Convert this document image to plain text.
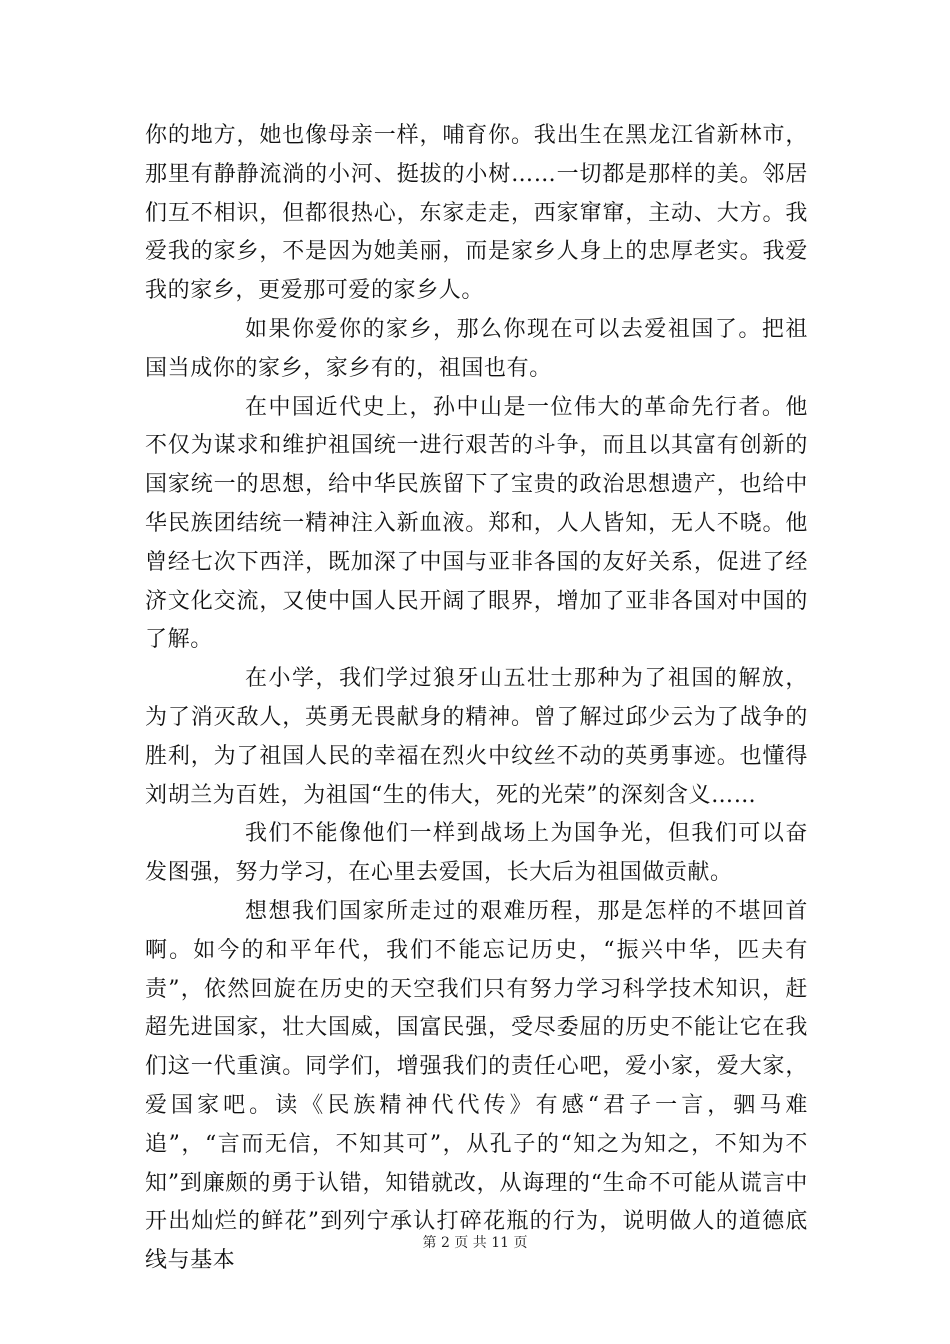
你的地方，她也像母亲一样，哺育你。我出生在黑龙江省新林市，那里有静静流淌的小河、挺拔的小树……一切都是那样的美。邻居们互不相识，但都很热心，东家走走，西家窜窜，主动、大方。我爱我的家乡，不是因为她美丽，而是家乡人身上的忠厚老实。我爱我的家乡，更爱那可爱的家乡人。

如果你爱你的家乡，那么你现在可以去爱祖国了。把祖国当成你的家乡，家乡有的，祖国也有。

在中国近代史上，孙中山是一位伟大的革命先行者。他不仅为谋求和维护祖国统一进行艰苦的斗争，而且以其富有创新的国家统一的思想，给中华民族留下了宝贵的政治思想遗产，也给中华民族团结统一精神注入新血液。郑和，人人皆知，无人不晓。他曾经七次下西洋，既加深了中国与亚非各国的友好关系，促进了经济文化交流，又使中国人民开阔了眼界，增加了亚非各国对中国的了解。

在小学，我们学过狼牙山五壮士那种为了祖国的解放，为了消灭敌人，英勇无畏献身的精神。曾了解过邱少云为了战争的胜利，为了祖国人民的幸福在烈火中纹丝不动的英勇事迹。也懂得刘胡兰为百姓，为祖国“生的伟大，死的光荣”的深刻含义……

我们不能像他们一样到战场上为国争光，但我们可以奋发图强，努力学习，在心里去爱国，长大后为祖国做贡献。

想想我们国家所走过的艰难历程，那是怎样的不堪回首啊。如今的和平年代，我们不能忘记历史，“振兴中华，匹夫有责”，依然回旋在历史的天空我们只有努力学习科学技术知识，赶超先进国家，壮大国威，国富民强，受尽委屈的历史不能让它在我们这一代重演。同学们，增强我们的责任心吧，爱小家，爱大家，爱国家吧。读《民族精神代代传》有感“君子一言，驷马难追”，“言而无信，不知其可”，从孔子的“知之为知之，不知为不知”到廉颇的勇于认错，知错就改，从诲理的“生命不可能从谎言中开出灿烂的鲜花”到列宁承认打碎花瓶的行为，说明做人的道德底线与基本

第 2 页 共 11 页
